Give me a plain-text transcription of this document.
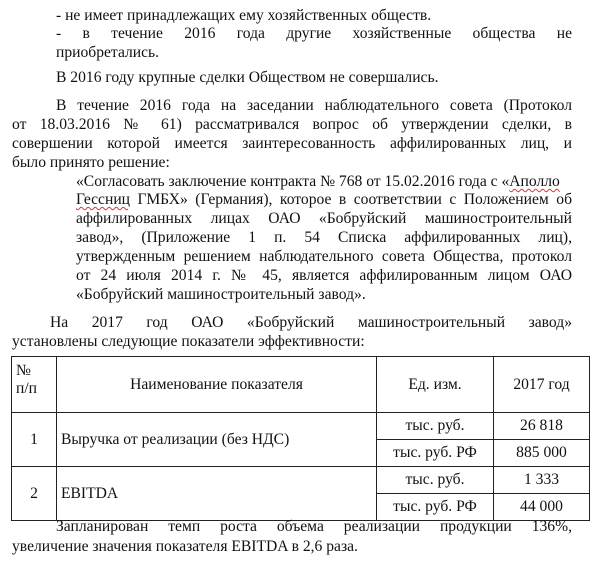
- не имеет принадлежащих ему хозяйственных обществ.
- в течение 2016 года другие хозяйственные общества не
приобретались.
В 2016 году крупные сделки Обществом не совершались.
В течение 2016 года на заседании наблюдательного совета (Протокол
от 18.03.2016 № 61) рассматривался вопрос об утверждении сделки, в
совершении которой имеется заинтересованность аффилированных лиц, и
было принято решение:
«Согласовать заключение контракта № 768 от 15.02.2016 года с «Аполло
Гессниц ГМБХ» (Германия), которое в соответствии с Положением об
аффилированных лицах ОАО «Бобруйский машиностроительный
завод», (Приложение 1 п. 54 Списка аффилированных лиц),
утвержденным решением наблюдательного совета Общества, протокол
от 24 июля 2014 г. № 45, является аффилированным лицом ОАО
«Бобруйский машиностроительный завод».
На 2017 год ОАО «Бобруйский машиностроительный завод»
установлены следующие показатели эффективности:
№ п/п	Наименование показателя	Ед. изм.	2017 год
1	Выручка от реализации (без НДС)	тыс. руб.	26 818
		тыс. руб. РФ	885 000
2	EBITDA	тыс. руб.	1 333
		тыс. руб. РФ	44 000
Запланирован темп роста объема реализации продукции 136%,
увеличение значения показателя EBITDA в 2,6 раза.
